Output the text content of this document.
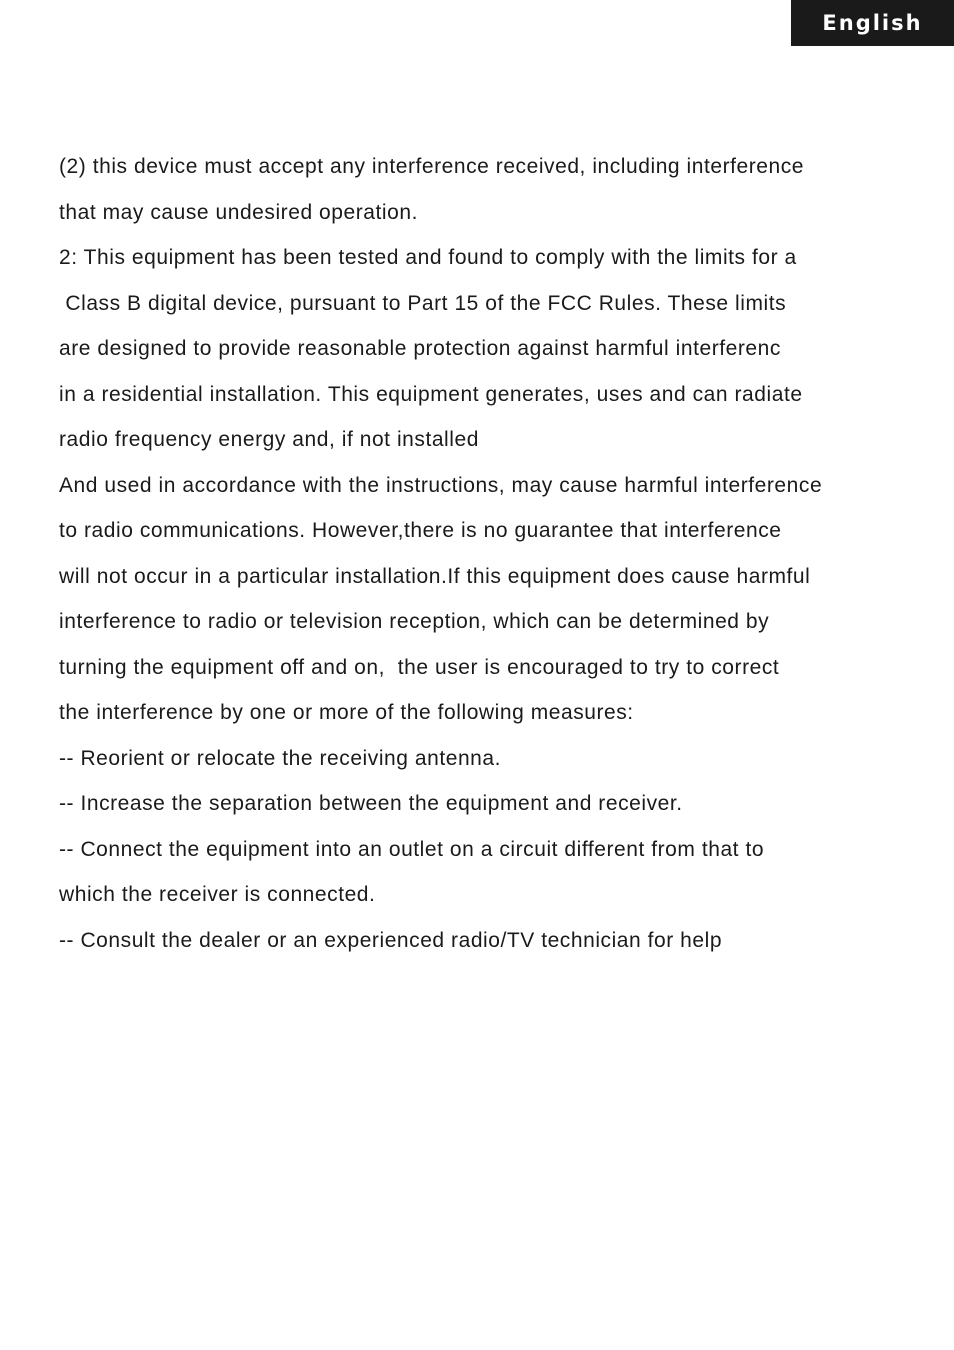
English
(2) this device must accept any interference received, including interference
that may cause undesired operation.
2: This equipment has been tested and found to comply with the limits for a
Class B digital device, pursuant to Part 15 of the FCC Rules. These limits
are designed to provide reasonable protection against harmful interferenc
in a residential installation. This equipment generates, uses and can radiate
radio frequency energy and, if not installed
And used in accordance with the instructions, may cause harmful interference
to radio communications. However,there is no guarantee that interference
will not occur in a particular installation.If this equipment does cause harmful
interference to radio or television reception, which can be determined by
turning the equipment off and on,  the user is encouraged to try to correct
the interference by one or more of the following measures:
-- Reorient or relocate the receiving antenna.
-- Increase the separation between the equipment and receiver.
-- Connect the equipment into an outlet on a circuit different from that to
which the receiver is connected.
-- Consult the dealer or an experienced radio/TV technician for help
